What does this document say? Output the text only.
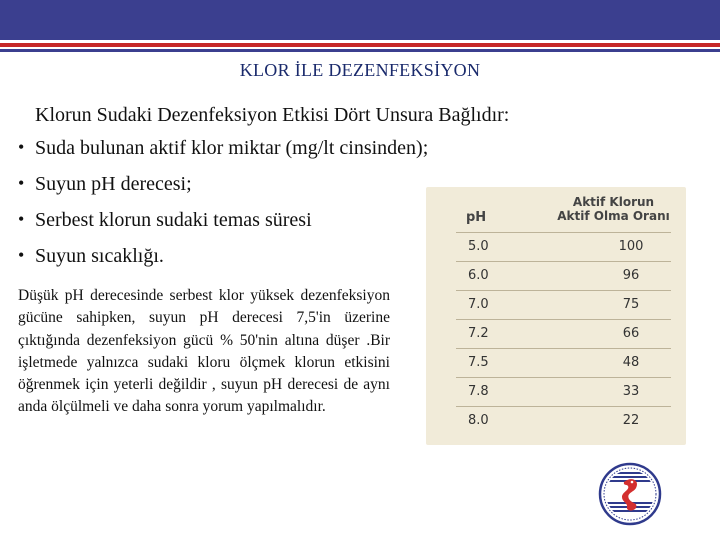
KLOR İLE DEZENFEKSİYON
Klorun Sudaki Dezenfeksiyon Etkisi Dört Unsura Bağlıdır:
• Suda bulunan aktif klor miktar (mg/lt cinsinden);
• Suyun pH derecesi;
• Serbest klorun sudaki temas süresi
• Suyun sıcaklığı.
Düşük pH derecesinde serbest klor yüksek dezenfeksiyon gücüne sahipken, suyun pH derecesi 7,5'in üzerine çıktığında dezenfeksiyon gücü % 50'nin altına düşer .Bir işletmede yalnızca sudaki kloru ölçmek klorun etkisini öğrenmek için yeterli değildir , suyun pH derecesi de aynı anda ölçülmeli ve daha sonra yorum yapılmalıdır.
pH
Aktif Klorun
Aktif Olma Oranı
5.0	100
6.0	96
7.0	75
7.2	66
7.5	48
7.8	33
8.0	22
